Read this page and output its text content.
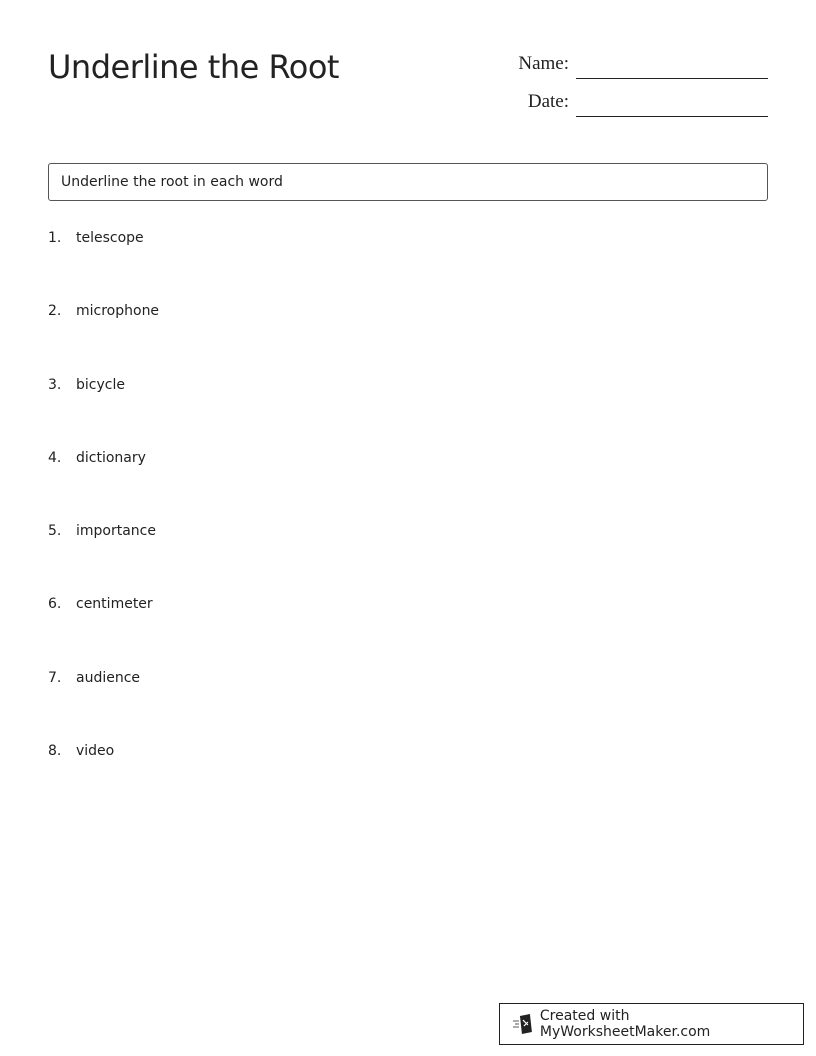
Underline the Root	Name:
Date:
Underline the root in each word
1.	telescope
2.	microphone
3.	bicycle
4.	dictionary
5.	importance
6.	centimeter
7.	audience
8.	video
Created with MyWorksheetMaker.com
